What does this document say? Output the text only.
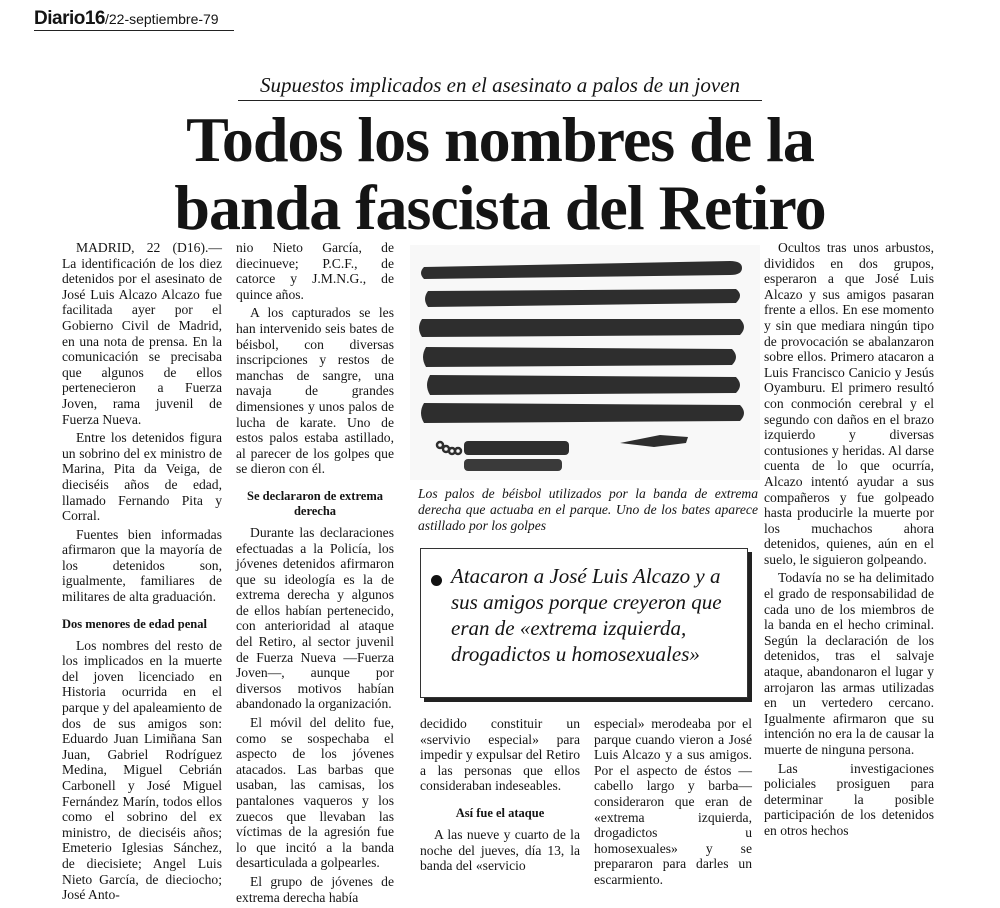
Diario16/22-septiembre-79
Supuestos implicados en el asesinato a palos de un joven
Todos los nombres de la
banda fascista del Retiro

MADRID, 22 (D16).— La identificación de los diez detenidos por el asesinato de José Luis Alcazo Alcazo fue facilitada ayer por el Gobierno Civil de Madrid, en una nota de prensa. En la comunicación se precisaba que algunos de ellos pertenecieron a Fuerza Joven, rama juvenil de Fuerza Nueva.

Entre los detenidos figura un sobrino del ex ministro de Marina, Pita da Veiga, de dieciséis años de edad, llamado Fernando Pita y Corral.

Fuentes bien informadas afirmaron que la mayoría de los detenidos son, igualmente, familiares de militares de alta graduación.

Dos menores de edad penal

Los nombres del resto de los implicados en la muerte del joven licenciado en Historia ocurrida en el parque y del apaleamiento de dos de sus amigos son: Eduardo Juan Limiñana San Juan, Gabriel Rodríguez Medina, Miguel Cebrián Carbonell y José Miguel Fernández Marín, todos ellos como el sobrino del ex ministro, de dieciséis años; Emeterio Iglesias Sánchez, de diecisiete; Angel Luis Nieto García, de dieciocho; José Anto-

nio Nieto García, de diecinueve; P.C.F., de catorce y J.M.N.G., de quince años.

A los capturados se les han intervenido seis bates de béisbol, con diversas inscripciones y restos de manchas de sangre, una navaja de grandes dimensiones y unos palos de lucha de karate. Uno de estos palos estaba astillado, al parecer de los golpes que se dieron con él.

Se declararon de extrema derecha

Durante las declaraciones efectuadas a la Policía, los jóvenes detenidos afirmaron que su ideología es la de extrema derecha y algunos de ellos habían pertenecido, con anterioridad al ataque del Retiro, al sector juvenil de Fuerza Nueva —Fuerza Joven—, aunque por diversos motivos habían abandonado la organización.

El móvil del delito fue, como se sospechaba el aspecto de los jóvenes atacados. Las barbas que usaban, las camisas, los pantalones vaqueros y los zuecos que llevaban las víctimas de la agresión fue lo que incitó a la banda desarticulada a golpearles.

El grupo de jóvenes de extrema derecha había

Los palos de béisbol utilizados por la banda de extrema derecha que actuaba en el parque. Uno de los bates aparece astillado por los golpes
Atacaron a José Luis Alcazo y a sus amigos porque creyeron que eran de «extrema izquierda, drogadictos u homosexuales»

decidido constituir un «servivio especial» para impedir y expulsar del Retiro a las personas que ellos consideraban indeseables.

Así fue el ataque

A las nueve y cuarto de la noche del jueves, día 13, la banda del «servicio

especial» merodeaba por el parque cuando vieron a José Luis Alcazo y a sus amigos. Por el aspecto de éstos —cabello largo y barba— consideraron que eran de «extrema izquierda, drogadictos u homosexuales» y se prepararon para darles un escarmiento.

Ocultos tras unos arbustos, divididos en dos grupos, esperaron a que José Luis Alcazo y sus amigos pasaran frente a ellos. En ese momento y sin que mediara ningún tipo de provocación se abalanzaron sobre ellos. Primero atacaron a Luis Francisco Canicio y Jesús Oyamburu. El primero resultó con conmoción cerebral y el segundo con daños en el brazo izquierdo y diversas contusiones y heridas. Al darse cuenta de lo que ocurría, Alcazo intentó ayudar a sus compañeros y fue golpeado hasta producirle la muerte por los muchachos ahora detenidos, quienes, aún en el suelo, le siguieron golpeando.

Todavía no se ha delimitado el grado de responsabilidad de cada uno de los miembros de la banda en el hecho criminal. Según la declaración de los detenidos, tras el salvaje ataque, abandonaron el lugar y arrojaron las armas utilizadas en un vertedero cercano. Igualmente afirmaron que su intención no era la de causar la muerte de ninguna persona.

Las investigaciones policiales prosiguen para determinar la posible participación de los detenidos en otros hechos
